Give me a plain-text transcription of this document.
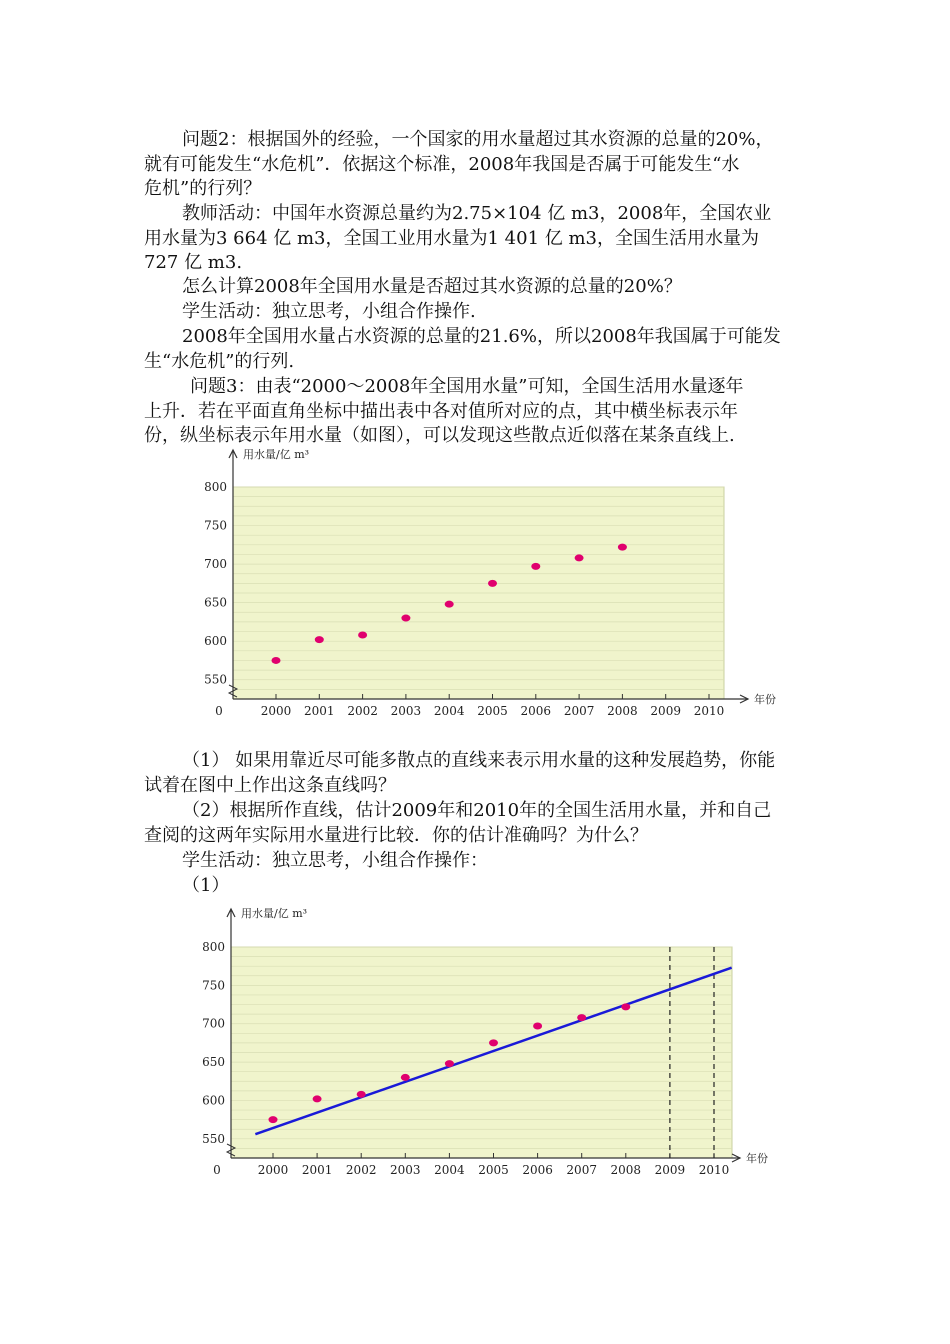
问题2：根据国外的经验，一个国家的用水量超过其水资源的总量的20%，
就有可能发生“水危机”．依据这个标准，2008年我国是否属于可能发生“水
危机”的行列？
教师活动：中国年水资源总量约为2.75×104 亿 m3，2008年，全国农业
用水量为3 664 亿 m3，全国工业用水量为1 401 亿 m3，全国生活用水量为
727 亿 m3.
怎么计算2008年全国用水量是否超过其水资源的总量的20%？
学生活动：独立思考，小组合作操作.
2008年全国用水量占水资源的总量的21.6%，所以2008年我国属于可能发
生“水危机”的行列.
问题3：由表“2000～2008年全国用水量”可知，全国生活用水量逐年
上升．若在平面直角坐标中描出表中各对值所对应的点，其中横坐标表示年
份，纵坐标表示年用水量（如图），可以发现这些散点近似落在某条直线上.
550
600
650
700
750
800
0	2000 2001 2002 2003 2004 2005 2006 2007 2008 2009 2010
用水量/亿 m³
年份
（1） 如果用靠近尽可能多散点的直线来表示用水量的这种发展趋势，你能
试着在图中上作出这条直线吗？
（2）根据所作直线，估计2009年和2010年的全国生活用水量，并和自己
查阅的这两年实际用水量进行比较．你的估计准确吗？为什么？
学生活动：独立思考，小组合作操作：
（1）
550
600
650
700
750
800
0	2000 2001 2002 2003 2004 2005 2006 2007 2008 2009 2010
用水量/亿 m³
年份
